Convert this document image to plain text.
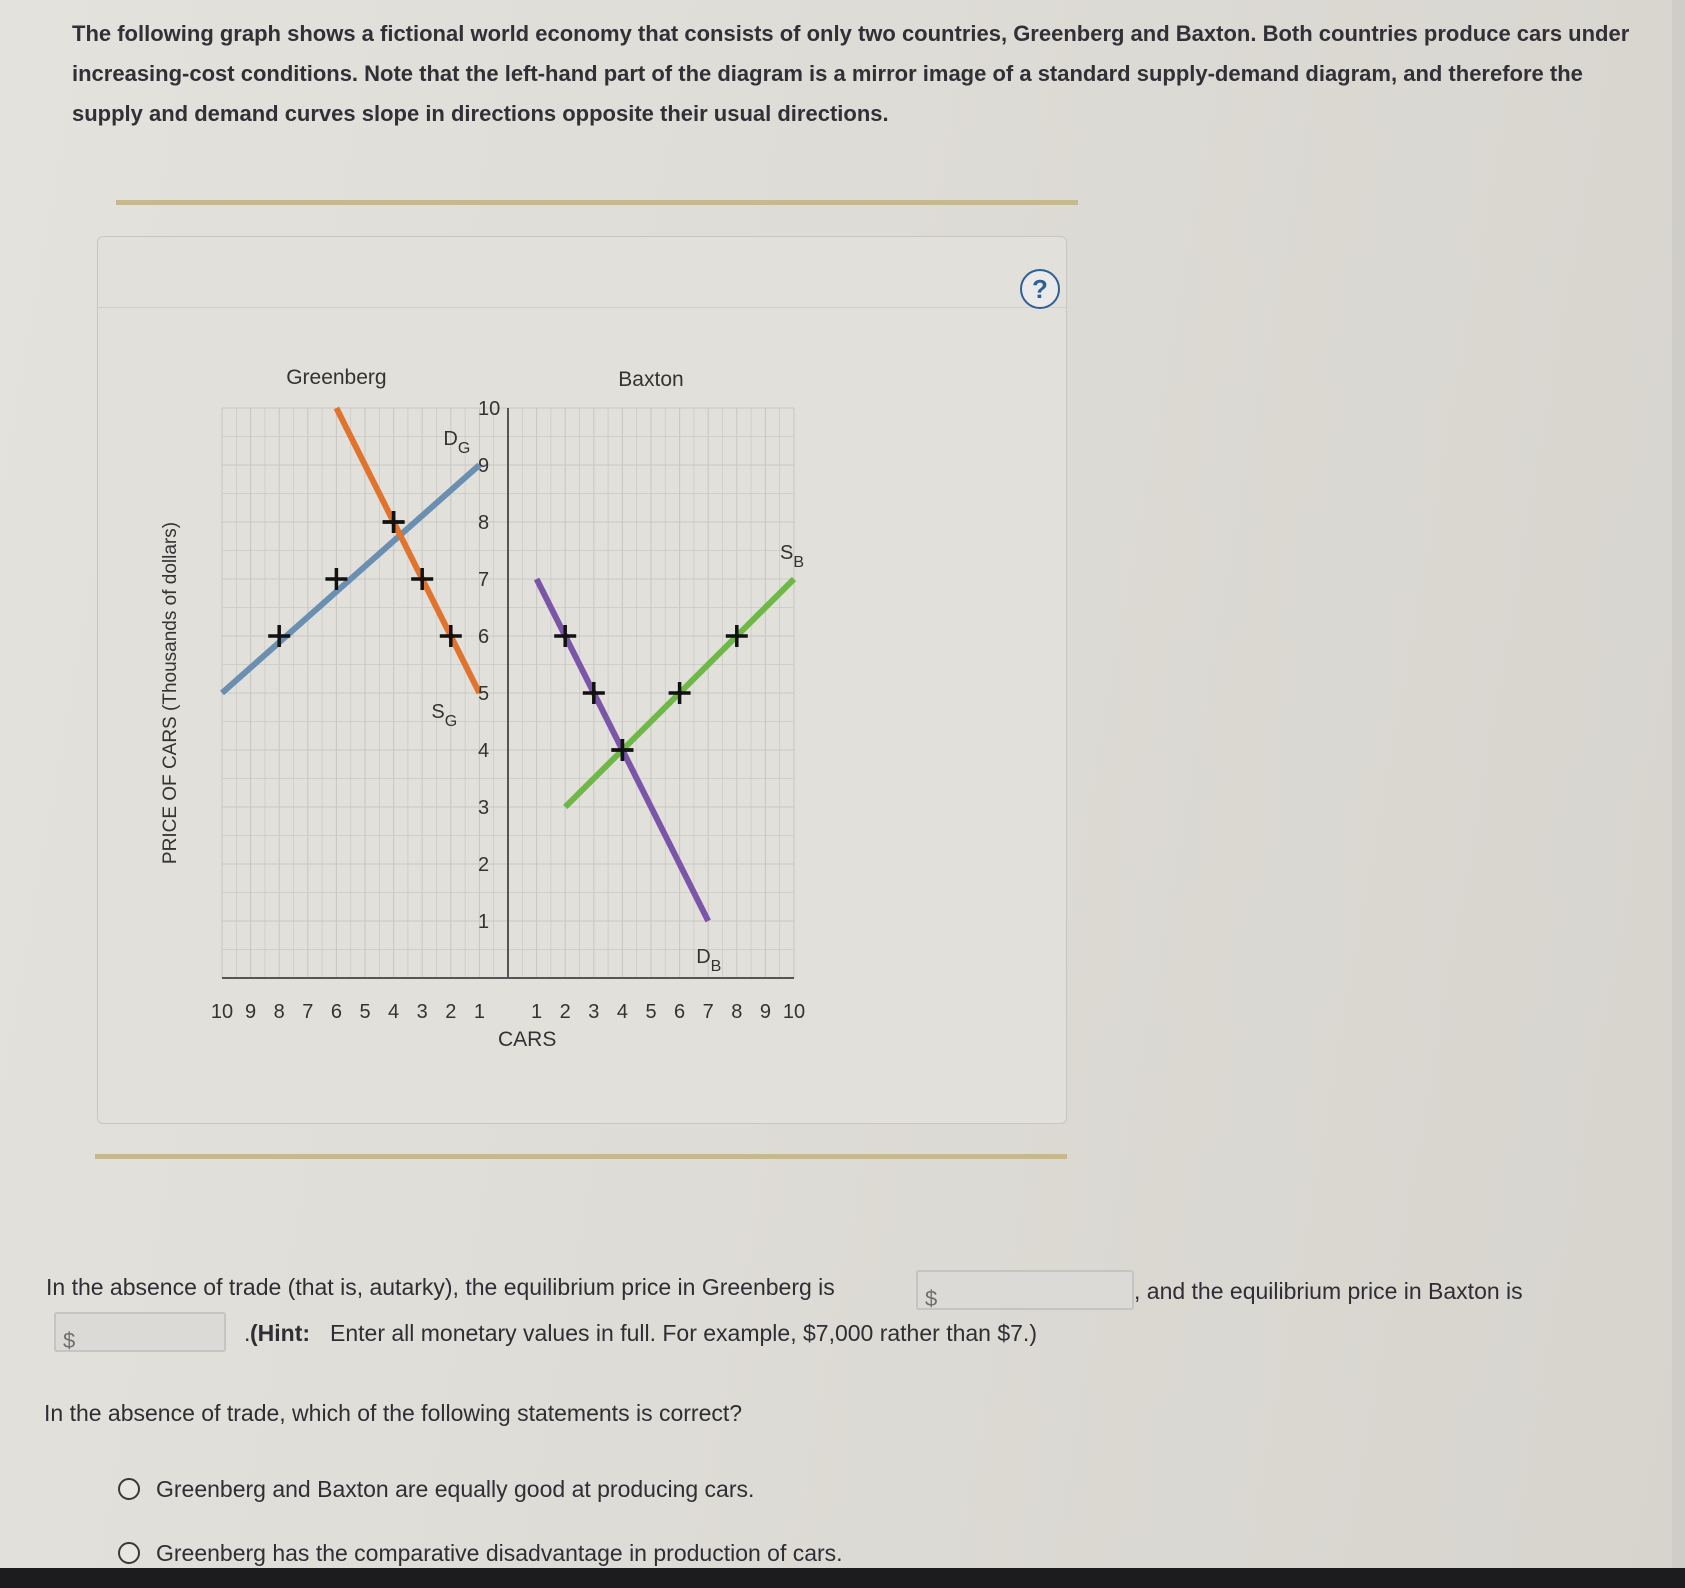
The following graph shows a fictional world economy that consists of only two countries, Greenberg and Baxton. Both countries produce cars under increasing-cost conditions. Note that the left-hand part of the diagram is a mirror image of a standard supply-demand diagram, and therefore the supply and demand curves slope in directions opposite their usual directions.
?
10
9
8
7
6
5
4
3
2
1
10 9 8 7 6 5 4 3 2 1 1 2 3 4 5 6 7 8 9 10
CARS
PRICE OF CARS (Thousands of dollars)
Greenberg	Baxton
$D_G$
$S_G$
$D_B$
$S_B$
In the absence of trade (that is, autarky), the equilibrium price in Greenberg is	$	, and the equilibrium price in Baxton is
$	. (Hint: Enter all monetary values in full. For example, $7,000 rather than $7.)
In the absence of trade, which of the following statements is correct?
Greenberg and Baxton are equally good at producing cars.
Greenberg has the comparative disadvantage in production of cars.
